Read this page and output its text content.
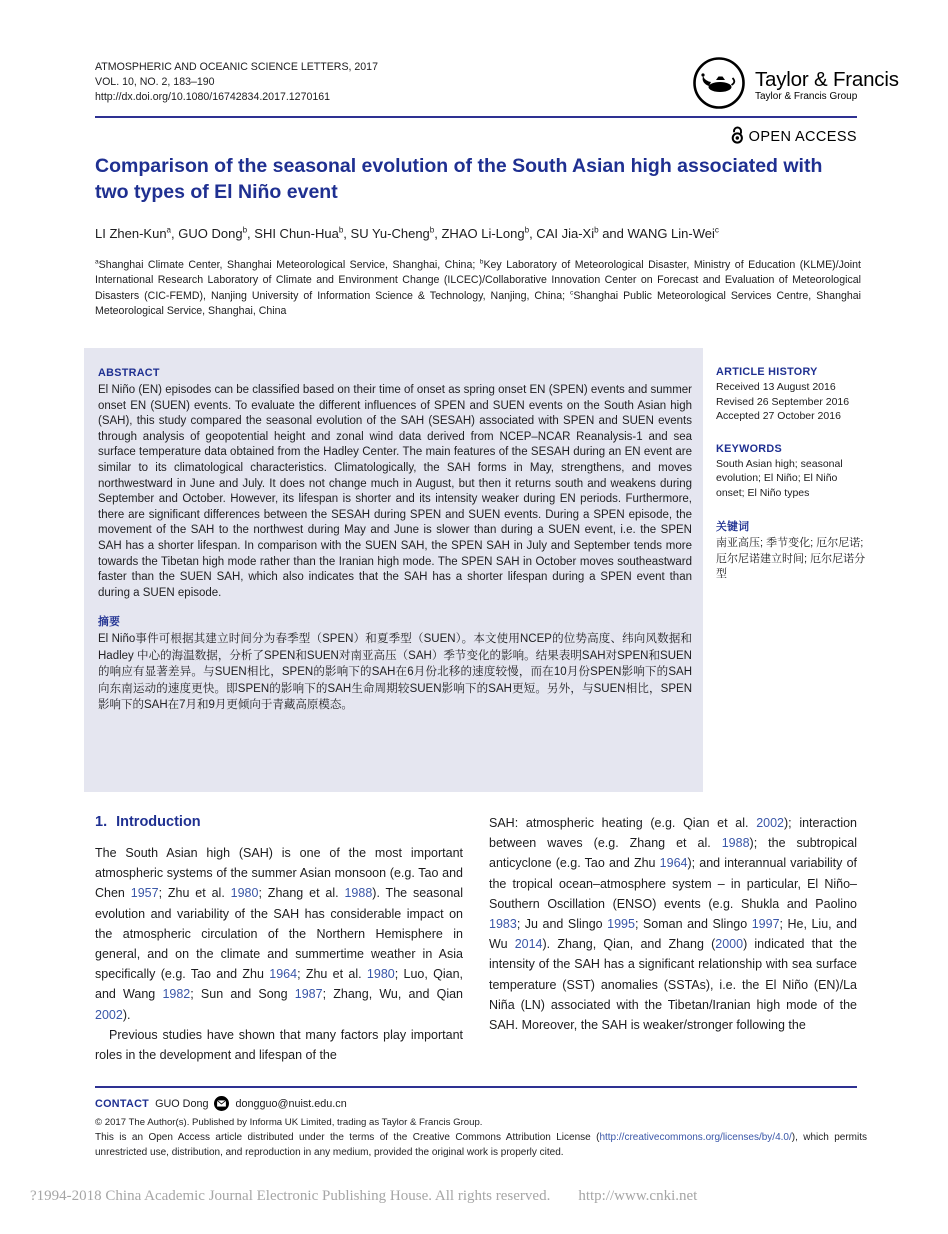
ATMOSPHERIC AND OCEANIC SCIENCE LETTERS, 2017
VOL. 10, NO. 2, 183–190
http://dx.doi.org/10.1080/16742834.2017.1270161
Taylor & Francis
Taylor & Francis Group
OPEN ACCESS
Comparison of the seasonal evolution of the South Asian high associated with
two types of El Niño event
LI Zhen-Kun$^a$, GUO Dong$^b$, SHI Chun-Hua$^b$, SU Yu-Cheng$^b$, ZHAO Li-Long$^b$, CAI Jia-Xi$^b$ and WANG Lin-Wei$^c$
$^a$Shanghai Climate Center, Shanghai Meteorological Service, Shanghai, China; $^b$Key Laboratory of Meteorological Disaster, Ministry of Education (KLME)/Joint International Research Laboratory of Climate and Environment Change (ILCEC)/Collaborative Innovation Center on Forecast and Evaluation of Meteorological Disasters (CIC-FEMD), Nanjing University of Information Science & Technology, Nanjing, China; $^c$Shanghai Public Meteorological Services Centre, Shanghai Meteorological Service, Shanghai, China
ABSTRACT

El Niño (EN) episodes can be classified based on their time of onset as spring onset EN (SPEN) events and summer onset EN (SUEN) events. To evaluate the different influences of SPEN and SUEN events on the South Asian high (SAH), this study compared the seasonal evolution of the SAH (SESAH) associated with SPEN and SUEN events through analysis of geopotential height and zonal wind data derived from NCEP–NCAR Reanalysis-1 and sea surface temperature data obtained from the Hadley Center. The main features of the SESAH during an EN event are similar to its climatological characteristics. Climatologically, the SAH forms in May, strengthens, and moves northwestward in June and July. It does not change much in August, but then it returns south and weakens during September and October. However, its lifespan is shorter and its intensity weaker during EN periods. Furthermore, there are significant differences between the SESAH during SPEN and SUEN events. During a SPEN episode, the movement of the SAH to the northwest during May and June is slower than during a SUEN event, i.e. the SPEN SAH has a shorter lifespan. In comparison with the SUEN SAH, the SPEN SAH in July and September tends more towards the Tibetan high mode rather than the Iranian high mode. The SPEN SAH in October moves southeastward faster than the SUEN SAH, which also indicates that the SAH has a shorter lifespan during a SPEN event than during a SUEN episode.

摘要

El Niño事件可根据其建立时间分为春季型（SPEN）和夏季型（SUEN）。本文使用NCEP的位势高度、纬向风数据和Hadley 中心的海温数据，分析了SPEN和SUEN对南亚高压（SAH）季节变化的影响。结果表明SAH对SPEN和SUEN的响应有显著差异。与SUEN相比，SPEN的影响下的SAH在6月份北移的速度较慢，而在10月份SPEN影响下的SAH向东南运动的速度更快。即SPEN的影响下的SAH生命周期较SUEN影响下的SAH更短。另外，与SUEN相比，SPEN影响下的SAH在7月和9月更倾向于青藏高原模态。

ARTICLE HISTORY
Received 13 August 2016
Revised 26 September 2016
Accepted 27 October 2016
KEYWORDS
South Asian high; seasonal evolution; El Niño; El Niño onset; El Niño types
关键词
南亚高压; 季节变化; 厄尔尼诺; 厄尔尼诺建立时间; 厄尔尼诺分型
1. Introduction

The South Asian high (SAH) is one of the most important atmospheric systems of the summer Asian monsoon (e.g. Tao and Chen 1957; Zhu et al. 1980; Zhang et al. 1988). The seasonal evolution and variability of the SAH has considerable impact on the atmospheric circulation of the Northern Hemisphere in general, and on the climate and summertime weather in Asia specifically (e.g. Tao and Zhu 1964; Zhu et al. 1980; Luo, Qian, and Wang 1982; Sun and Song 1987; Zhang, Wu, and Qian 2002).

Previous studies have shown that many factors play important roles in the development and lifespan of the

SAH: atmospheric heating (e.g. Qian et al. 2002); interaction between waves (e.g. Zhang et al. 1988); the subtropical anticyclone (e.g. Tao and Zhu 1964); and interannual variability of the tropical ocean–atmosphere system – in particular, El Niño–Southern Oscillation (ENSO) events (e.g. Shukla and Paolino 1983; Ju and Slingo 1995; Soman and Slingo 1997; He, Liu, and Wu 2014). Zhang, Qian, and Zhang (2000) indicated that the intensity of the SAH has a significant relationship with sea surface temperature (SST) anomalies (SSTAs), i.e. the El Niño (EN)/La Niña (LN) associated with the Tibetan/Iranian high mode of the SAH. Moreover, the SAH is weaker/stronger following the

CONTACT GUO Dong	dongguo@nuist.edu.cn
© 2017 The Author(s). Published by Informa UK Limited, trading as Taylor & Francis Group.
This is an Open Access article distributed under the terms of the Creative Commons Attribution License (http://creativecommons.org/licenses/by/4.0/), which permits unrestricted use, distribution, and reproduction in any medium, provided the original work is properly cited.
?1994-2018 China Academic Journal Electronic Publishing House. All rights reserved. http://www.cnki.net
